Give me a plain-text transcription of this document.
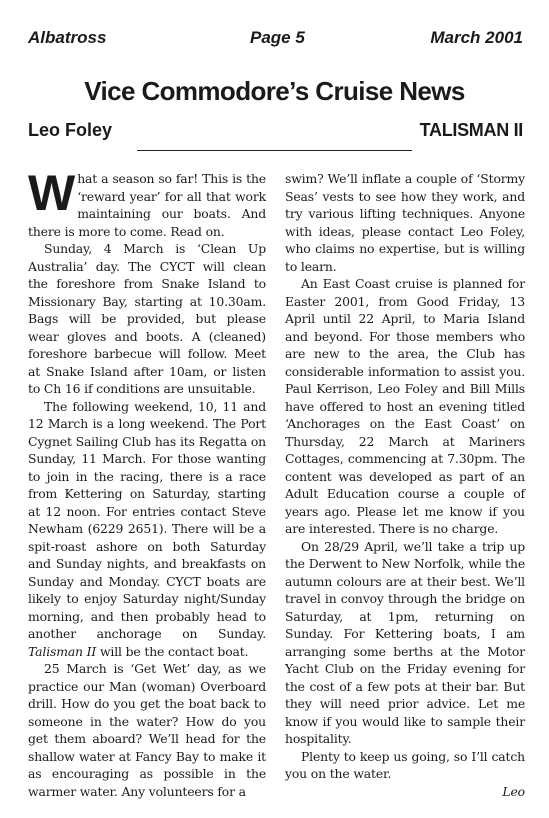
Albatross	Page 5	March 2001
Vice Commodore’s Cruise News
Leo Foley	TALISMAN II

What a season so far! This is the ‘reward year’ for all that work maintaining our boats. And there is more to come. Read on.

Sunday, 4 March is ‘Clean Up Australia’ day. The CYCT will clean the foreshore from Snake Island to Missionary Bay, starting at 10.30am. Bags will be provided, but please wear gloves and boots. A (cleaned) foreshore barbecue will follow. Meet at Snake Island after 10am, or listen to Ch 16 if conditions are unsuitable.

The following weekend, 10, 11 and 12 March is a long weekend. The Port Cygnet Sailing Club has its Regatta on Sunday, 11 March. For those wanting to join in the racing, there is a race from Kettering on Saturday, starting at 12 noon. For entries contact Steve Newham (6229 2651). There will be a spit-roast ashore on both Saturday and Sunday nights, and breakfasts on Sunday and Monday. CYCT boats are likely to enjoy Saturday night/Sunday morning, and then probably head to another anchorage on Sunday. Talisman II will be the contact boat.

25 March is ‘Get Wet’ day, as we practice our Man (woman) Overboard drill. How do you get the boat back to someone in the water? How do you get them aboard? We’ll head for the shallow water at Fancy Bay to make it as encouraging as possible in the warmer water. Any volunteers for a

swim? We’ll inflate a couple of ‘Stormy Seas’ vests to see how they work, and try various lifting techniques. Anyone with ideas, please contact Leo Foley, who claims no expertise, but is willing to learn.

An East Coast cruise is planned for Easter 2001, from Good Friday, 13 April until 22 April, to Maria Island and beyond. For those members who are new to the area, the Club has considerable information to assist you. Paul Kerrison, Leo Foley and Bill Mills have offered to host an evening titled ‘Anchorages on the East Coast’ on Thursday, 22 March at Mariners Cottages, commencing at 7.30pm. The content was developed as part of an Adult Education course a couple of years ago. Please let me know if you are interested. There is no charge.

On 28/29 April, we’ll take a trip up the Derwent to New Norfolk, while the autumn colours are at their best. We’ll travel in convoy through the bridge on Saturday, at 1pm, returning on Sunday. For Kettering boats, I am arranging some berths at the Motor Yacht Club on the Friday evening for the cost of a few pots at their bar. But they will need prior advice. Let me know if you would like to sample their hospitality.

Plenty to keep us going, so I’ll catch you on the water.

Leo
